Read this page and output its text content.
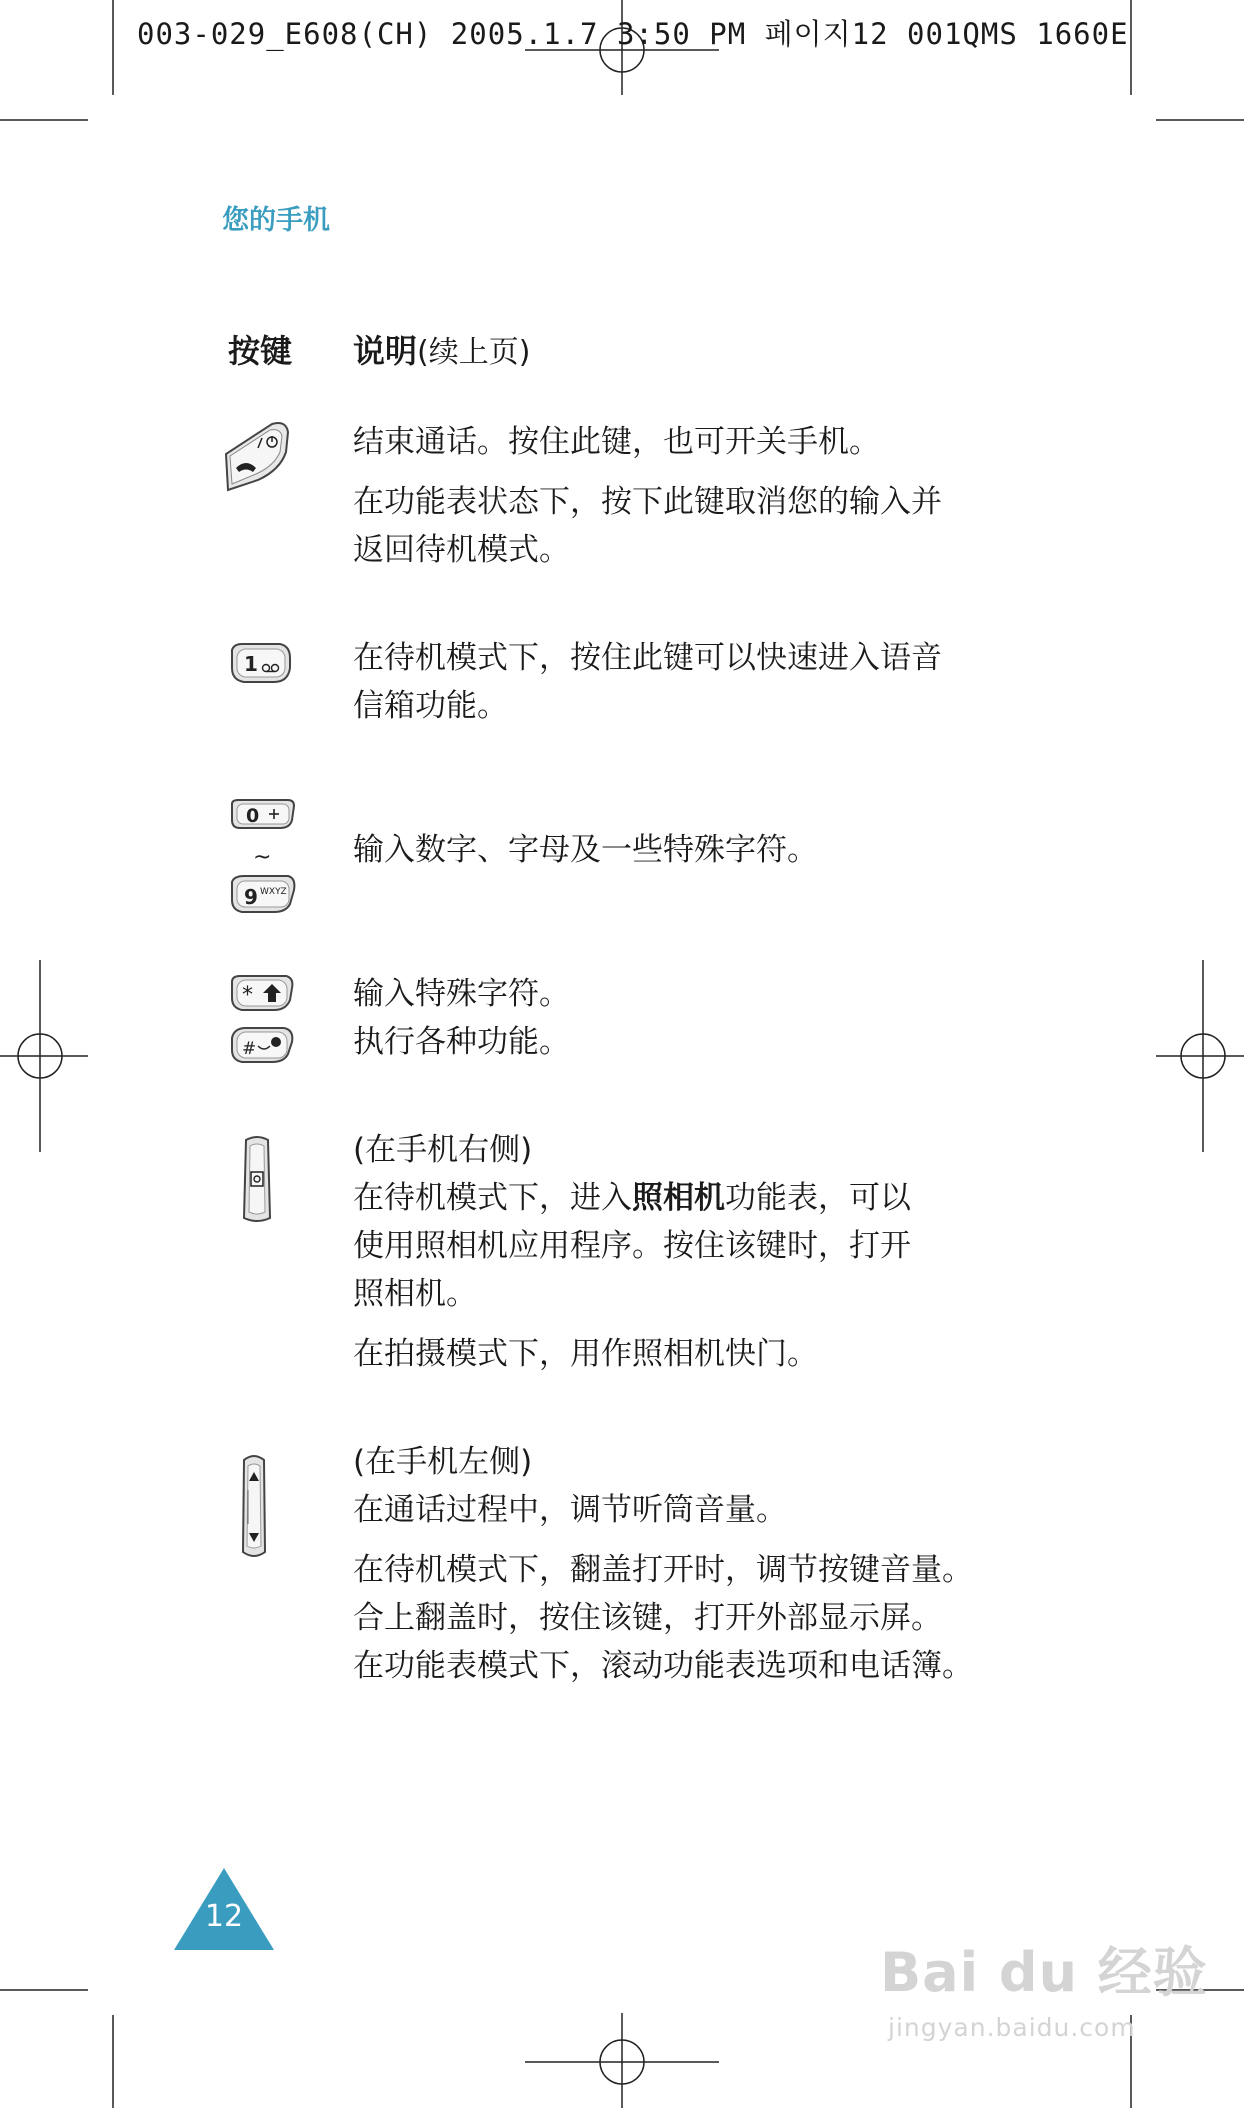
003-029_E608(CH) 2005.1.7 3:50 PM 페이지12 001QMS 1660E
您的手机
按键 说明(续上页)
1
0
~
9 WXYZ
*
#

结束通话。按住此键，也可开关手机。

在功能表状态下，按下此键取消您的输入并
返回待机模式。

在待机模式下，按住此键可以快速进入语音
信箱功能。

输入数字、字母及一些特殊字符。

输入特殊字符。
执行各种功能。

(在手机右侧)

在待机模式下，进入照相机功能表，可以

使用照相机应用程序。按住该键时，打开
照相机。

在拍摄模式下，用作照相机快门。

(在手机左侧)

在通话过程中，调节听筒音量。

在待机模式下，翻盖打开时，调节按键音量。
合上翻盖时，按住该键，打开外部显示屏。
在功能表模式下，滚动功能表选项和电话簿。

12
Bai du 经验
jingyan.baidu.com
